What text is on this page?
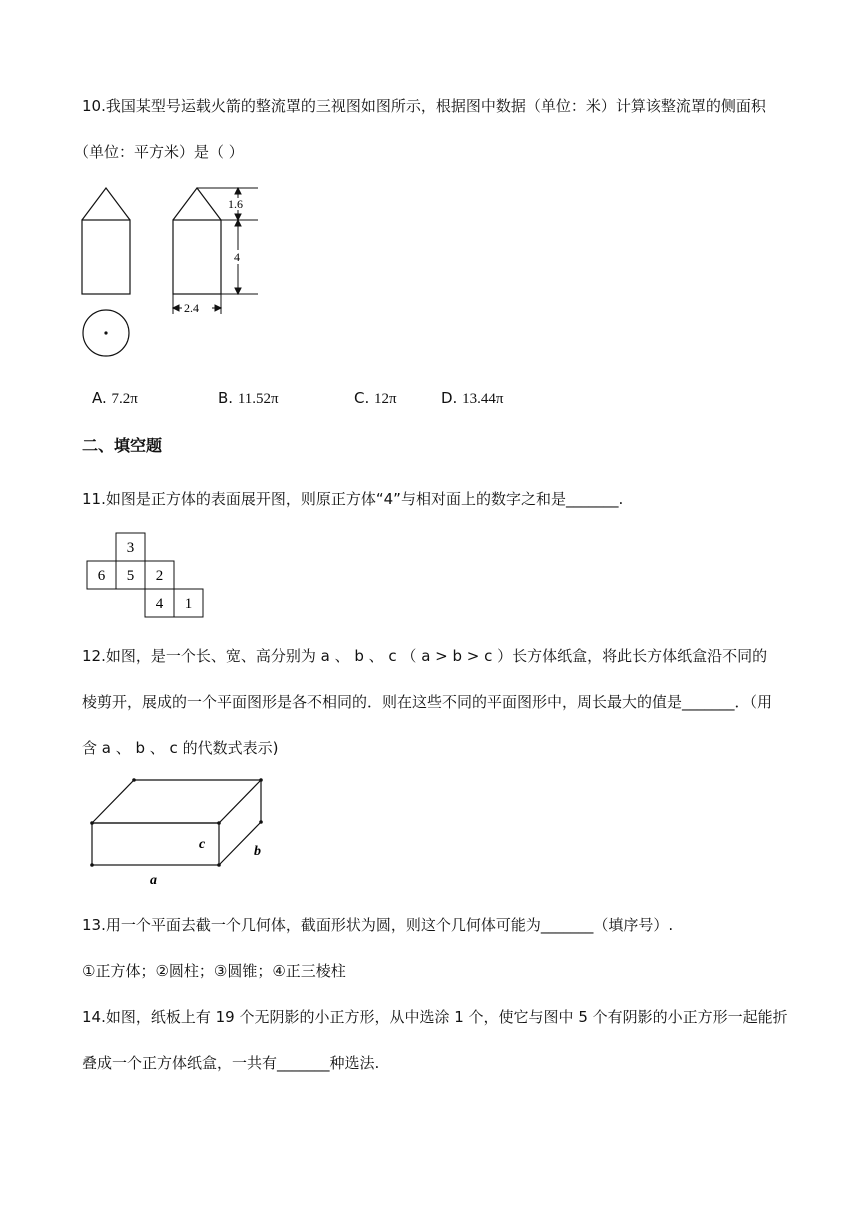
10.我国某型号运载火箭的整流罩的三视图如图所示，根据图中数据（单位：米）计算该整流罩的侧面积
（单位：平方米）是（ ）
1.6
4
2.4
A. 7.2π	B. 11.52π	C. 12π	D. 13.44π
二、填空题
11.如图是正方体的表面展开图，则原正方体“4”与相对面上的数字之和是_______.
3
6 5 2
4 1
12.如图，是一个长、宽、高分别为 a 、 b 、 c （ a > b > c ）长方体纸盒，将此长方体纸盒沿不同的
棱剪开，展成的一个平面图形是各不相同的．则在这些不同的平面图形中，周长最大的值是_______．（用
含 a 、 b 、 c 的代数式表示)
c	b
a
13.用一个平面去截一个几何体，截面形状为圆，则这个几何体可能为_______（填序号）.
①正方体；②圆柱；③圆锥；④正三棱柱
14.如图，纸板上有 19 个无阴影的小正方形，从中选涂 1 个，使它与图中 5 个有阴影的小正方形一起能折
叠成一个正方体纸盒，一共有_______种选法.
